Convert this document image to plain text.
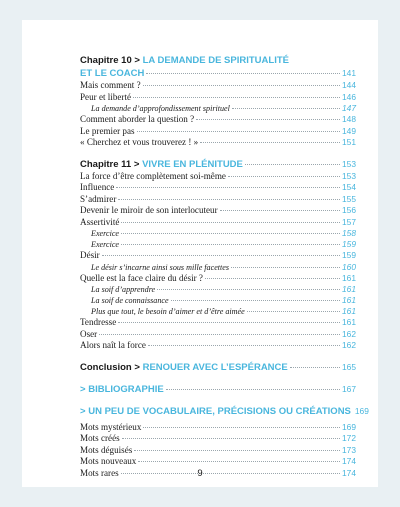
Chapitre 10 > LA DEMANDE DE SPIRITUALITÉ
ET LE COACH	141
Mais comment ?	144
Peur et liberté	146
La demande d’approfondissement spirituel	147
Comment aborder la question ?	148
Le premier pas	149
« Cherchez et vous trouverez ! »	151
Chapitre 11 > VIVRE EN PLÉNITUDE	153
La force d’être complètement soi-même	153
Influence	154
S’admirer	155
Devenir le miroir de son interlocuteur	156
Assertivité	157
Exercice	158
Exercice	159
Désir	159
Le désir s’incarne ainsi sous mille facettes	160
Quelle est la face claire du désir ?	161
La soif d’apprendre	161
La soif de connaissance	161
Plus que tout, le besoin d’aimer et d’être aimée	161
Tendresse	161
Oser	162
Alors naît la force	162
Conclusion > RENOUER AVEC L’ESPÉRANCE	165
> BIBLIOGRAPHIE	167
> UN PEU DE VOCABULAIRE, PRÉCISIONS OU CRÉATIONS 169
Mots mystérieux	169
Mots créés	172
Mots déguisés	173
Mots nouveaux	174
Mots rares	174
9
